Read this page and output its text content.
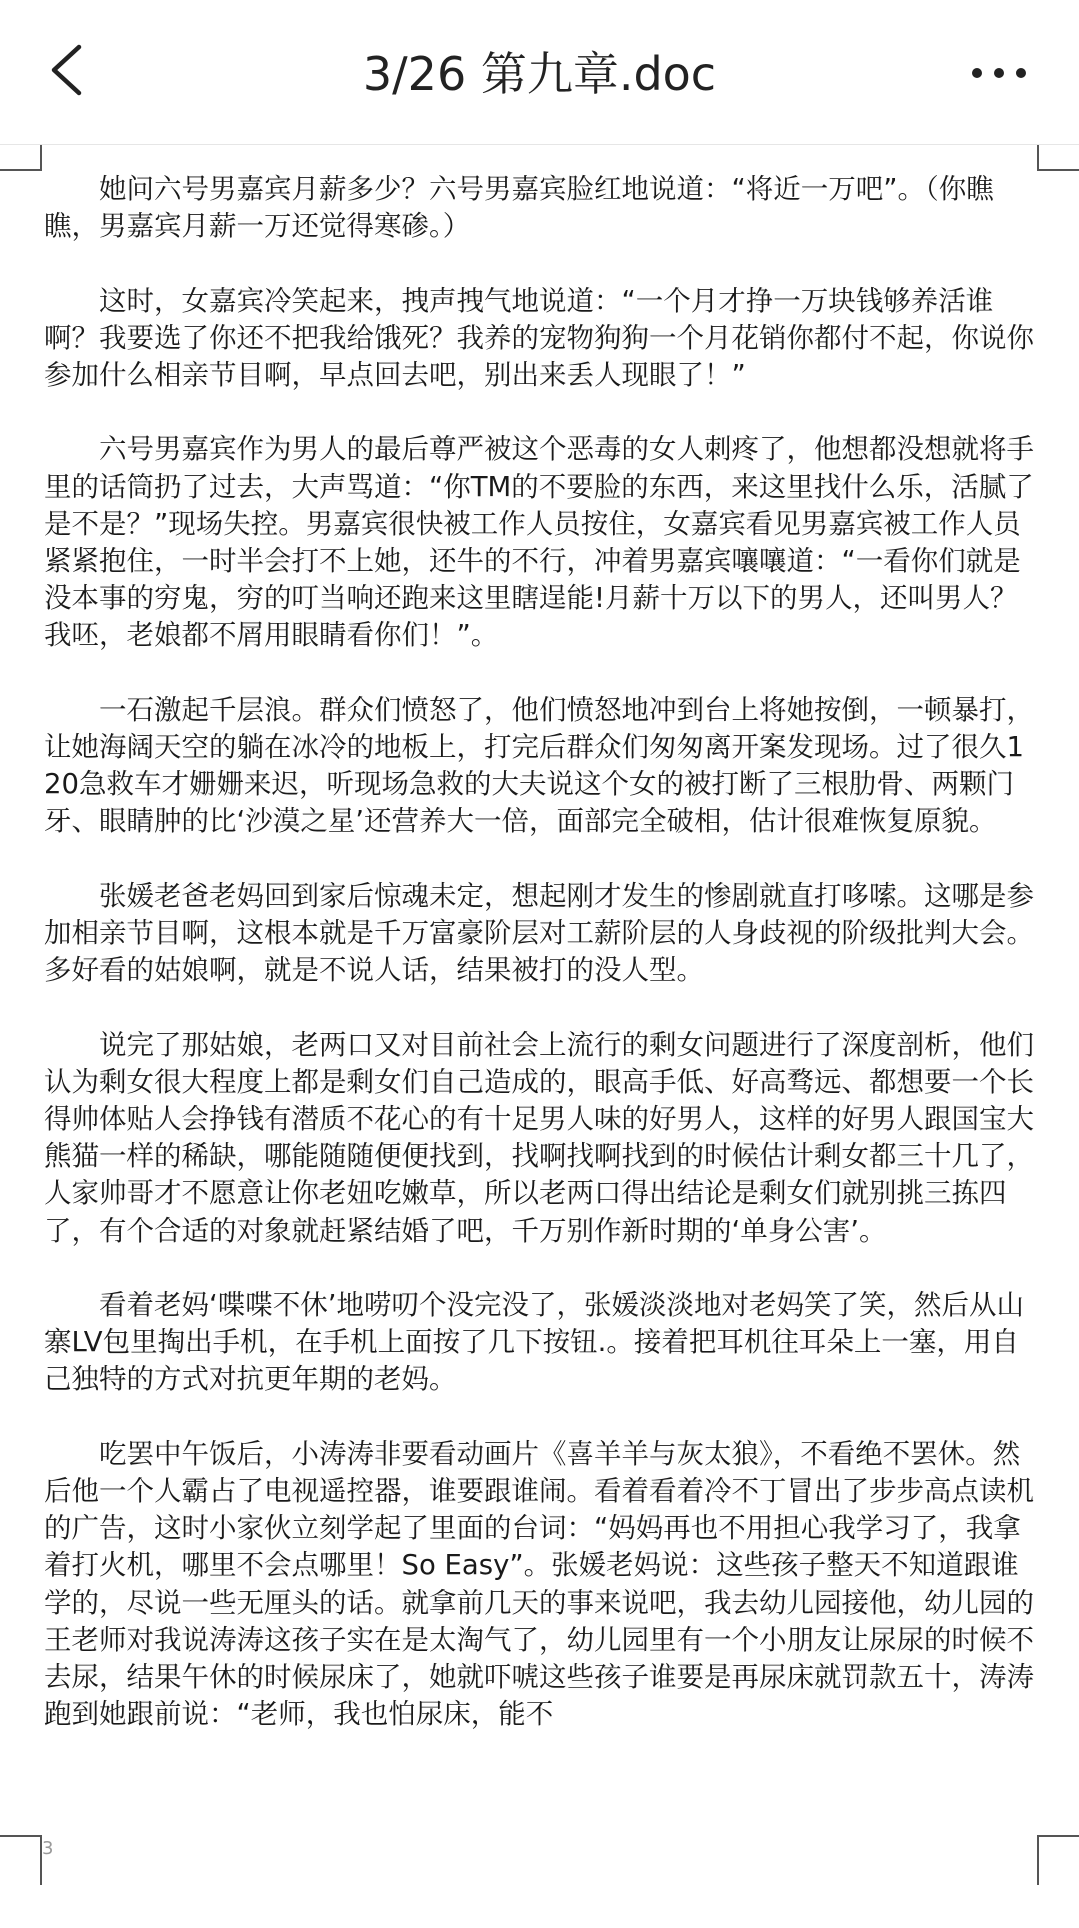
3/26 第九章.doc

她问六号男嘉宾月薪多少？六号男嘉宾脸红地说道：“将近一万吧”。（你瞧瞧，男嘉宾月薪一万还觉得寒碜。）

这时，女嘉宾冷笑起来，拽声拽气地说道：“一个月才挣一万块钱够养活谁啊？我要选了你还不把我给饿死？我养的宠物狗狗一个月花销你都付不起，你说你参加什么相亲节目啊，早点回去吧，别出来丢人现眼了！”

六号男嘉宾作为男人的最后尊严被这个恶毒的女人刺疼了，他想都没想就将手里的话筒扔了过去，大声骂道：“你TM的不要脸的东西，来这里找什么乐，活腻了是不是？”现场失控。男嘉宾很快被工作人员按住，女嘉宾看见男嘉宾被工作人员紧紧抱住，一时半会打不上她，还牛的不行，冲着男嘉宾嚷嚷道：“一看你们就是没本事的穷鬼，穷的叮当响还跑来这里瞎逞能!月薪十万以下的男人，还叫男人？我呸，老娘都不屑用眼睛看你们！”。

一石激起千层浪。群众们愤怒了，他们愤怒地冲到台上将她按倒，一顿暴打，让她海阔天空的躺在冰冷的地板上，打完后群众们匆匆离开案发现场。过了很久120急救车才姗姗来迟，听现场急救的大夫说这个女的被打断了三根肋骨、两颗门牙、眼睛肿的比‘沙漠之星’还营养大一倍，面部完全破相，估计很难恢复原貌。

张媛老爸老妈回到家后惊魂未定，想起刚才发生的惨剧就直打哆嗦。这哪是参加相亲节目啊，这根本就是千万富豪阶层对工薪阶层的人身歧视的阶级批判大会。多好看的姑娘啊，就是不说人话，结果被打的没人型。

说完了那姑娘，老两口又对目前社会上流行的剩女问题进行了深度剖析，他们认为剩女很大程度上都是剩女们自己造成的，眼高手低、好高骛远、都想要一个长得帅体贴人会挣钱有潜质不花心的有十足男人味的好男人，这样的好男人跟国宝大熊猫一样的稀缺，哪能随随便便找到，找啊找啊找到的时候估计剩女都三十几了，人家帅哥才不愿意让你老妞吃嫩草，所以老两口得出结论是剩女们就别挑三拣四了，有个合适的对象就赶紧结婚了吧，千万别作新时期的‘单身公害’。

看着老妈‘喋喋不休’地唠叨个没完没了，张媛淡淡地对老妈笑了笑，然后从山寨LV包里掏出手机，在手机上面按了几下按钮.。接着把耳机往耳朵上一塞，用自己独特的方式对抗更年期的老妈。

吃罢中午饭后，小涛涛非要看动画片《喜羊羊与灰太狼》，不看绝不罢休。然后他一个人霸占了电视遥控器，谁要跟谁闹。看着看着冷不丁冒出了步步高点读机的广告，这时小家伙立刻学起了里面的台词：“妈妈再也不用担心我学习了，我拿着打火机，哪里不会点哪里！So Easy”。张媛老妈说：这些孩子整天不知道跟谁学的，尽说一些无厘头的话。就拿前几天的事来说吧，我去幼儿园接他，幼儿园的王老师对我说涛涛这孩子实在是太淘气了，幼儿园里有一个小朋友让尿尿的时候不去尿，结果午休的时候尿床了，她就吓唬这些孩子谁要是再尿床就罚款五十，涛涛跑到她跟前说：“老师，我也怕尿床，能不

3
